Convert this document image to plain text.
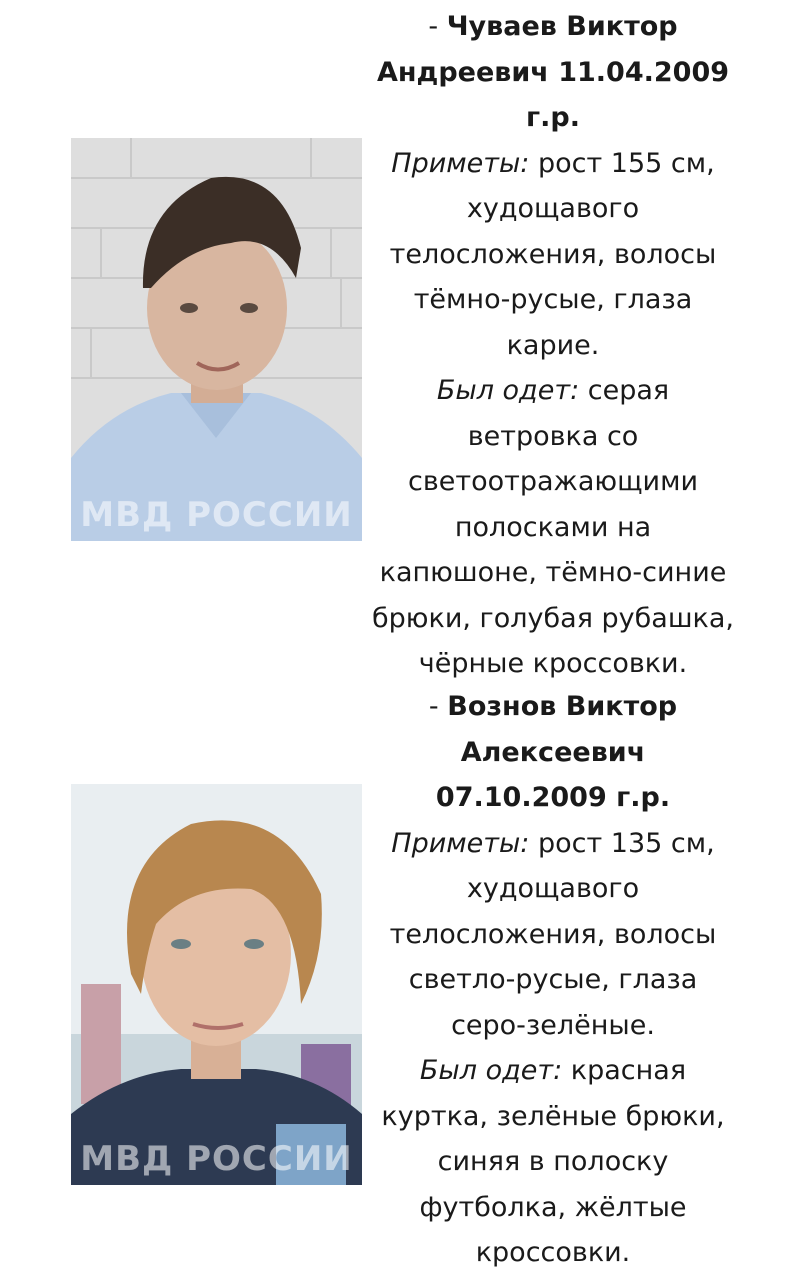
МВД РОССИИ
- Чуваев Виктор Андреевич 11.04.2009 г.р.
Приметы: рост 155 см, худощавого телосложения, волосы тёмно-русые, глаза карие.
Был одет: серая ветровка со светоотражающими полосками на капюшоне, тёмно-синие брюки, голубая рубашка, чёрные кроссовки.
МВД РОССИИ
- Вознов Виктор Алексеевич 07.10.2009 г.р.
Приметы: рост 135 см, худощавого телосложения, волосы светло-русые, глаза серо-зелёные.
Был одет: красная куртка, зелёные брюки, синяя в полоску футболка, жёлтые кроссовки.
